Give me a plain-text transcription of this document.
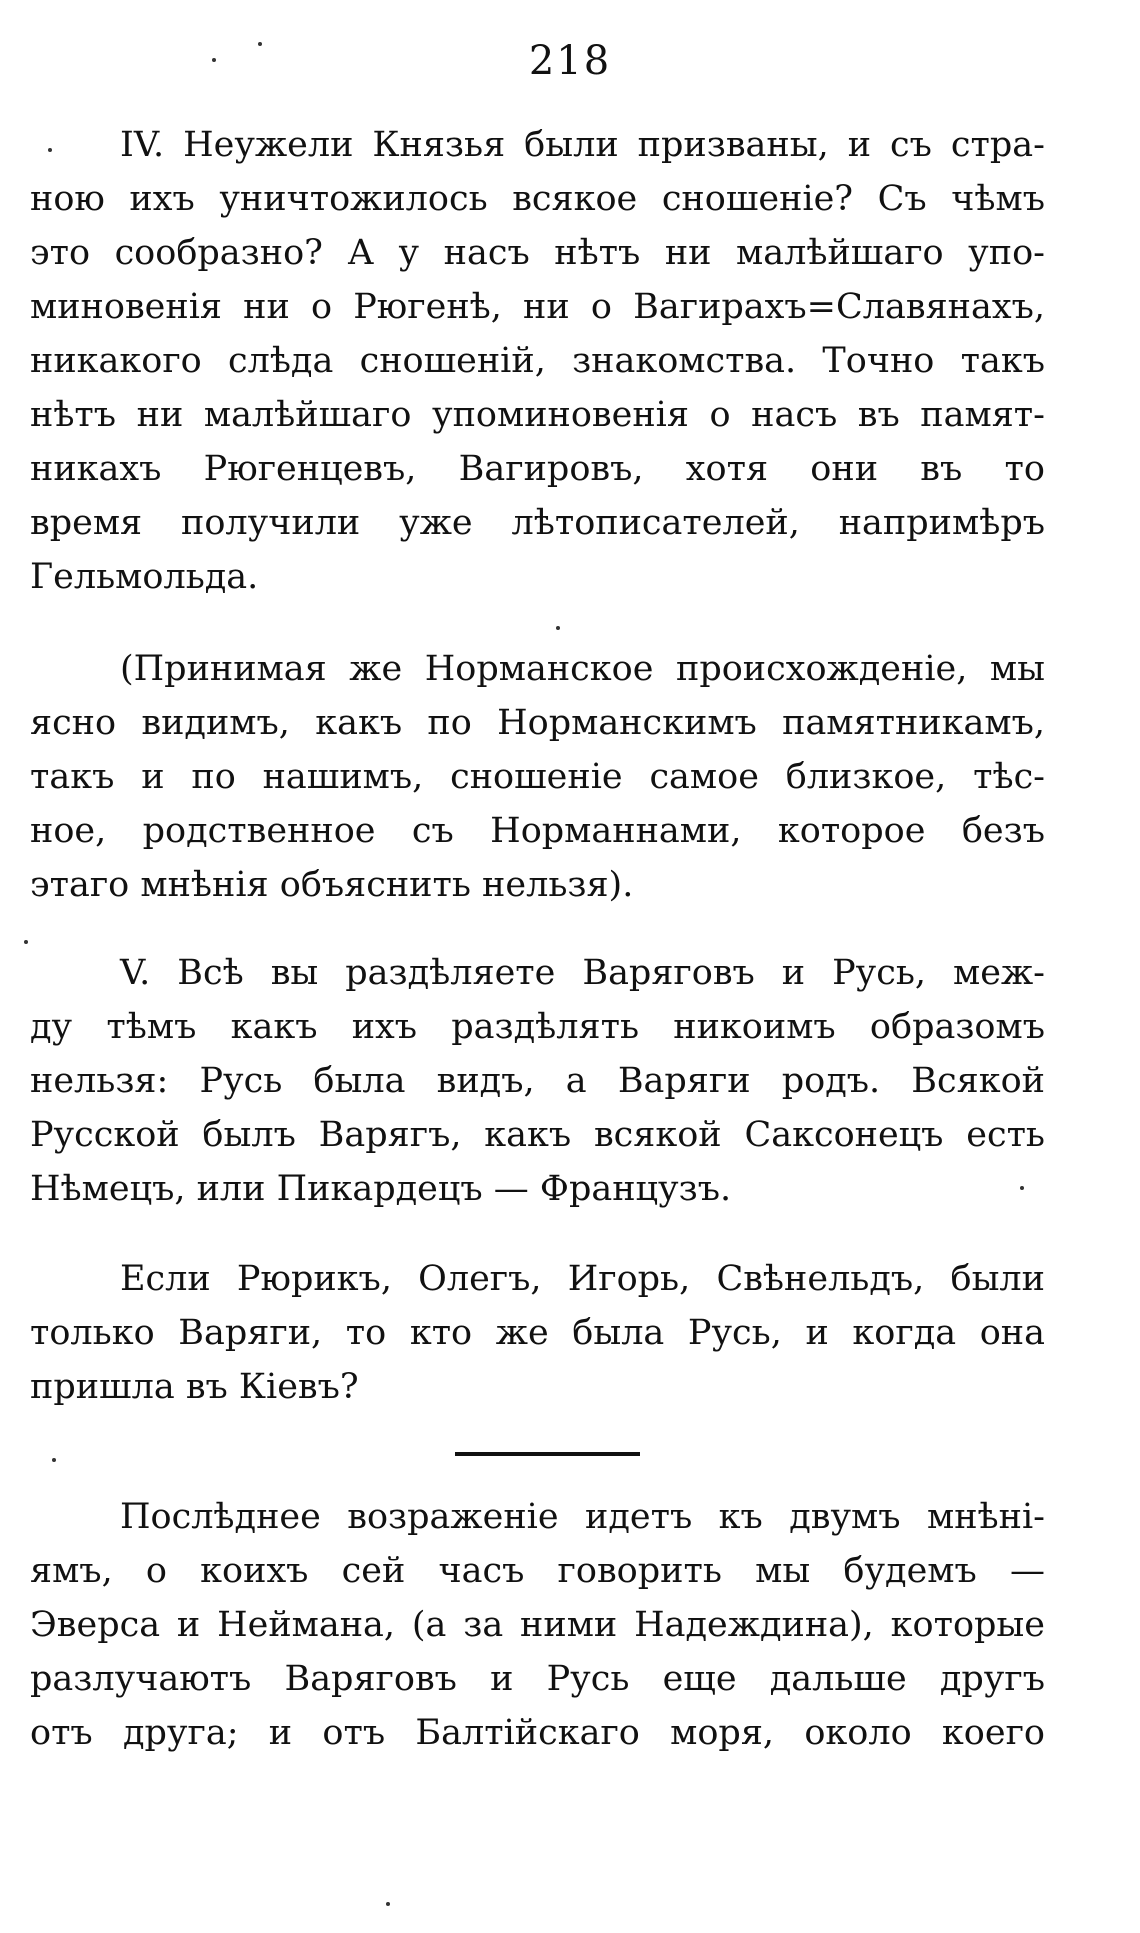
218
IV. Неужели Князья были призваны, и съ стра-
ною ихъ уничтожилось всякое сношеніе? Съ чѣмъ
это сообразно? А у насъ нѣтъ ни малѣйшаго упо-
миновенія ни о Рюгенѣ, ни о Вагирахъ=Славянахъ,
никакого слѣда сношеній, знакомства. Точно такъ
нѣтъ ни малѣйшаго упоминовенія о насъ въ памят-
никахъ Рюгенцевъ, Вагировъ, хотя они въ то
время получили уже лѣтописателей, напримѣръ
Гельмольда.
(Принимая же Норманское происхожденіе, мы
ясно видимъ, какъ по Норманскимъ памятникамъ,
такъ и по нашимъ, сношеніе самое близкое, тѣс-
ное, родственное съ Норманнами, которое безъ
этаго мнѣнія объяснить нельзя).
V. Всѣ вы раздѣляете Варяговъ и Русь, меж-
ду тѣмъ какъ ихъ раздѣлять никоимъ образомъ
нельзя: Русь была видъ, а Варяги родъ. Всякой
Русской былъ Варягъ, какъ всякой Саксонецъ есть
Нѣмецъ, или Пикардецъ — Французъ.
Если Рюрикъ, Олегъ, Игорь, Свѣнельдъ, были
только Варяги, то кто же была Русь, и когда она
пришла въ Кіевъ?
Послѣднее возраженіе идетъ къ двумъ мнѣні-
ямъ, о коихъ сей часъ говорить мы будемъ —
Эверса и Неймана, (а за ними Надеждина), которые
разлучаютъ Варяговъ и Русь еще дальше другъ
отъ друга; и отъ Балтійскаго моря, около коего
